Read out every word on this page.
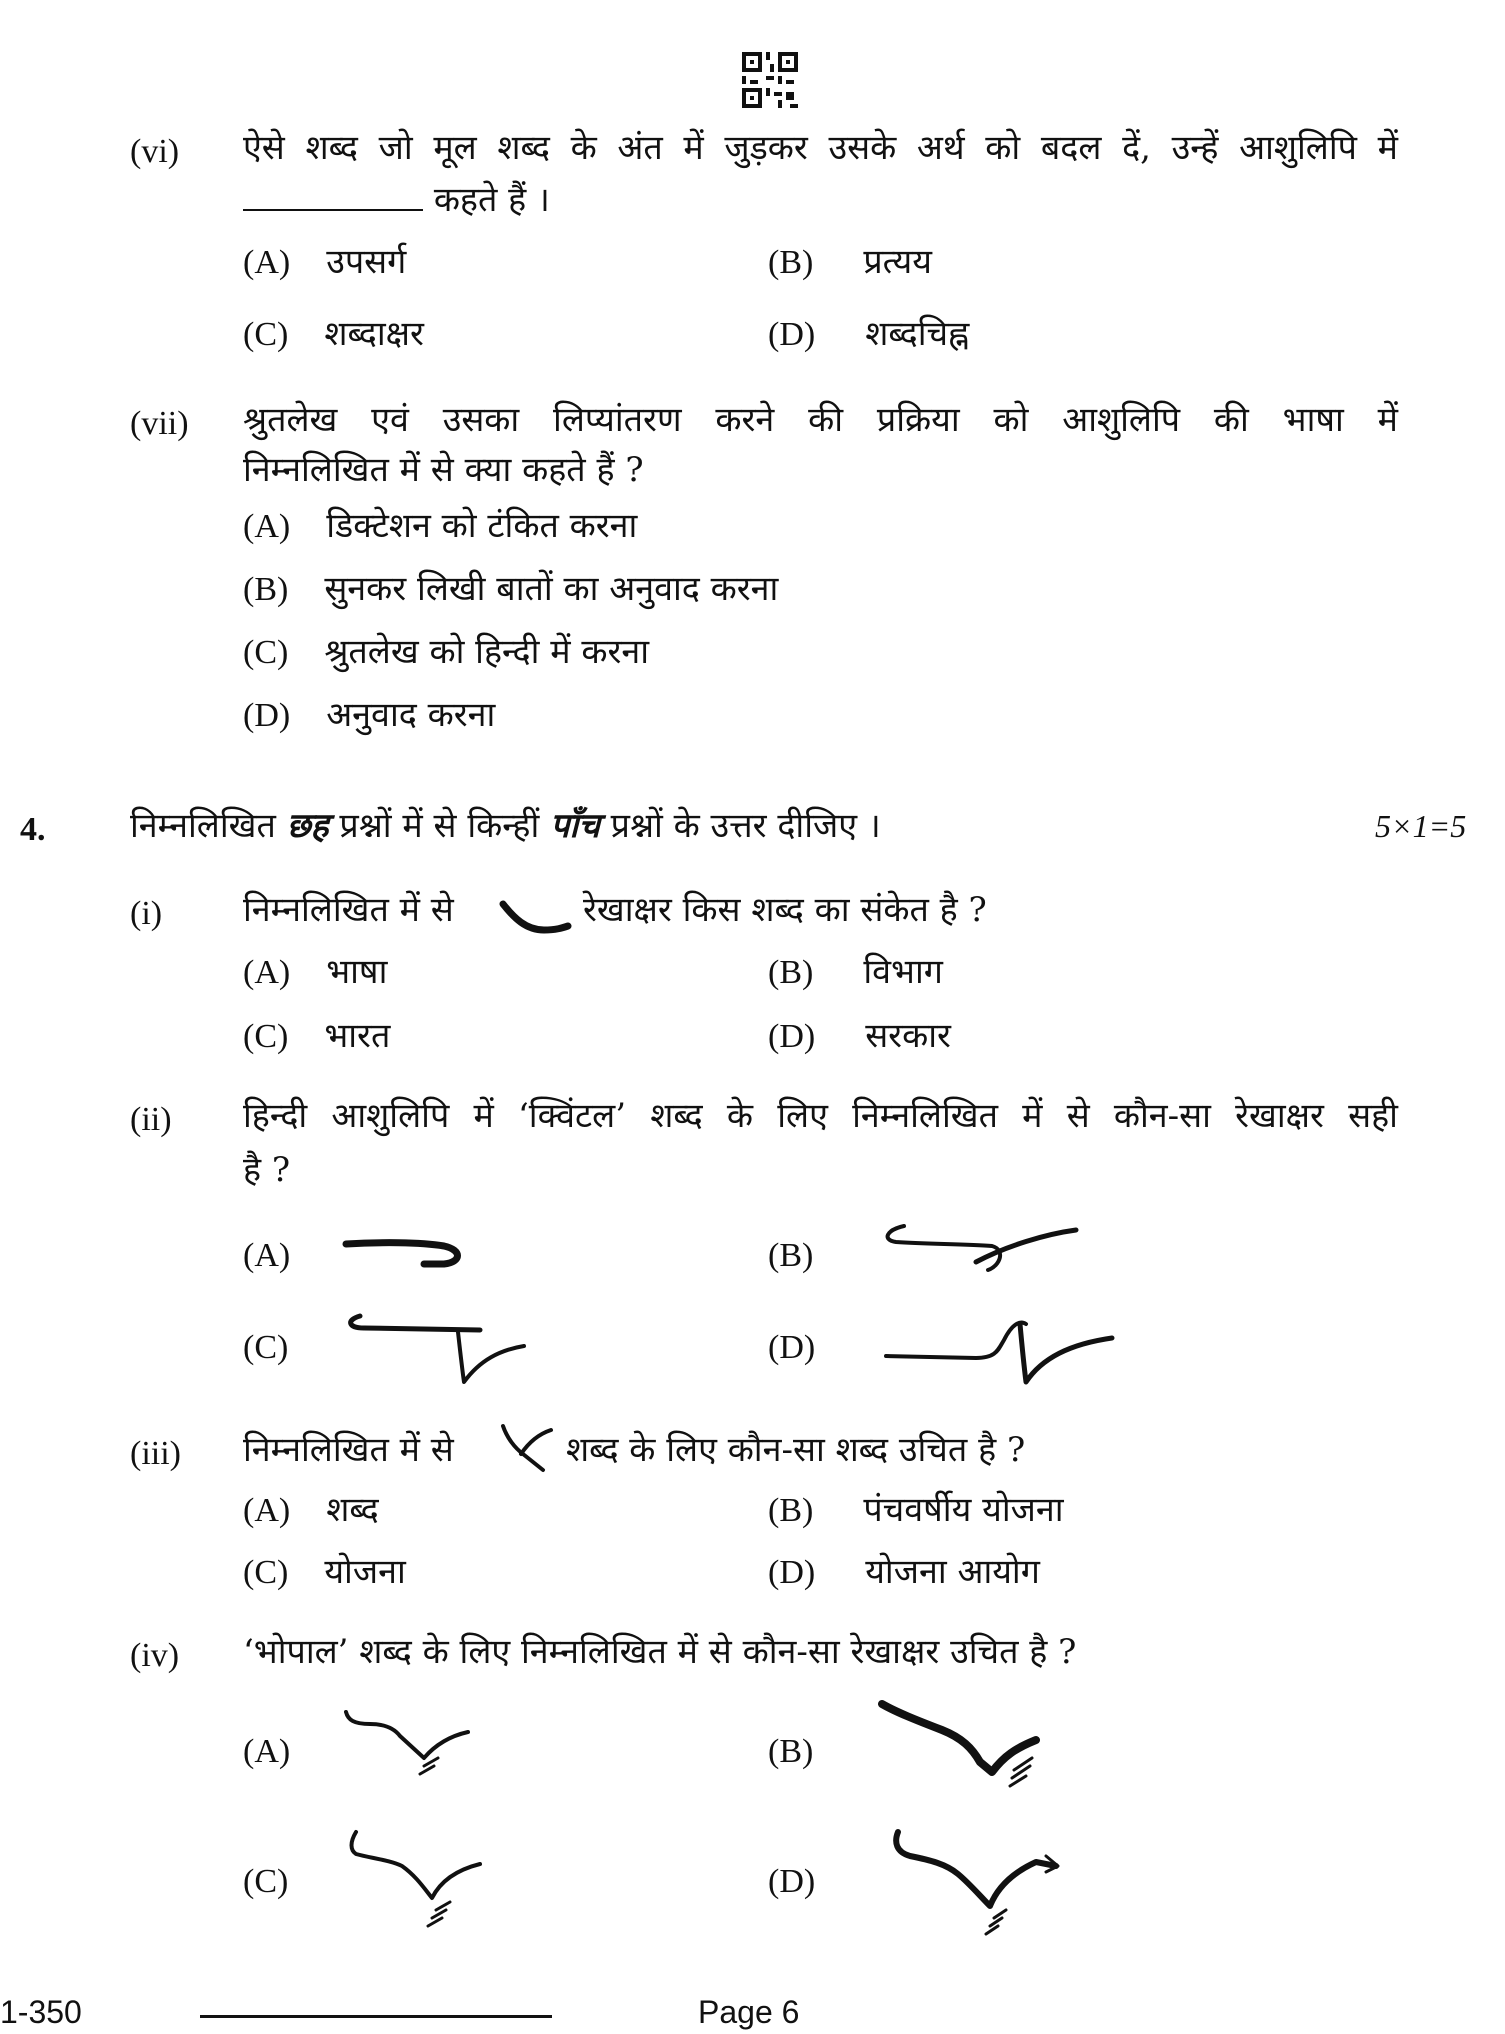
(vi) ऐसे शब्द जो मूल शब्द के अंत में जुड़कर उसके अर्थ को बदल दें, उन्हें आशुलिपि में
कहते हैं ।
(A) उपसर्ग	(B) प्रत्यय
(C) शब्दाक्षर	(D) शब्दचिह्न
(vii) श्रुतलेख एवं उसका लिप्यांतरण करने की प्रक्रिया को आशुलिपि की भाषा में
निम्नलिखित में से क्या कहते हैं ?
(A) डिक्टेशन को टंकित करना
(B) सुनकर लिखी बातों का अनुवाद करना
(C) श्रुतलेख को हिन्दी में करना
(D) अनुवाद करना
4. निम्नलिखित छह प्रश्नों में से किन्हीं पाँच प्रश्नों के उत्तर दीजिए ।	5×1=5
(i) निम्नलिखित में से	रेखाक्षर किस शब्द का संकेत है ?
(A) भाषा	(B) विभाग
(C) भारत	(D) सरकार
(ii) हिन्दी आशुलिपि में ‘क्विंटल’ शब्द के लिए निम्नलिखित में से कौन-सा रेखाक्षर सही
है ?
(A)	(B)
(C)	(D)
(iii) निम्नलिखित में से	शब्द के लिए कौन-सा शब्द उचित है ?
(A) शब्द	(B) पंचवर्षीय योजना
(C) योजना	(D) योजना आयोग
(iv) ‘भोपाल’ शब्द के लिए निम्नलिखित में से कौन-सा रेखाक्षर उचित है ?
(A)	(B)
(C)	(D)
1-350	Page 6
